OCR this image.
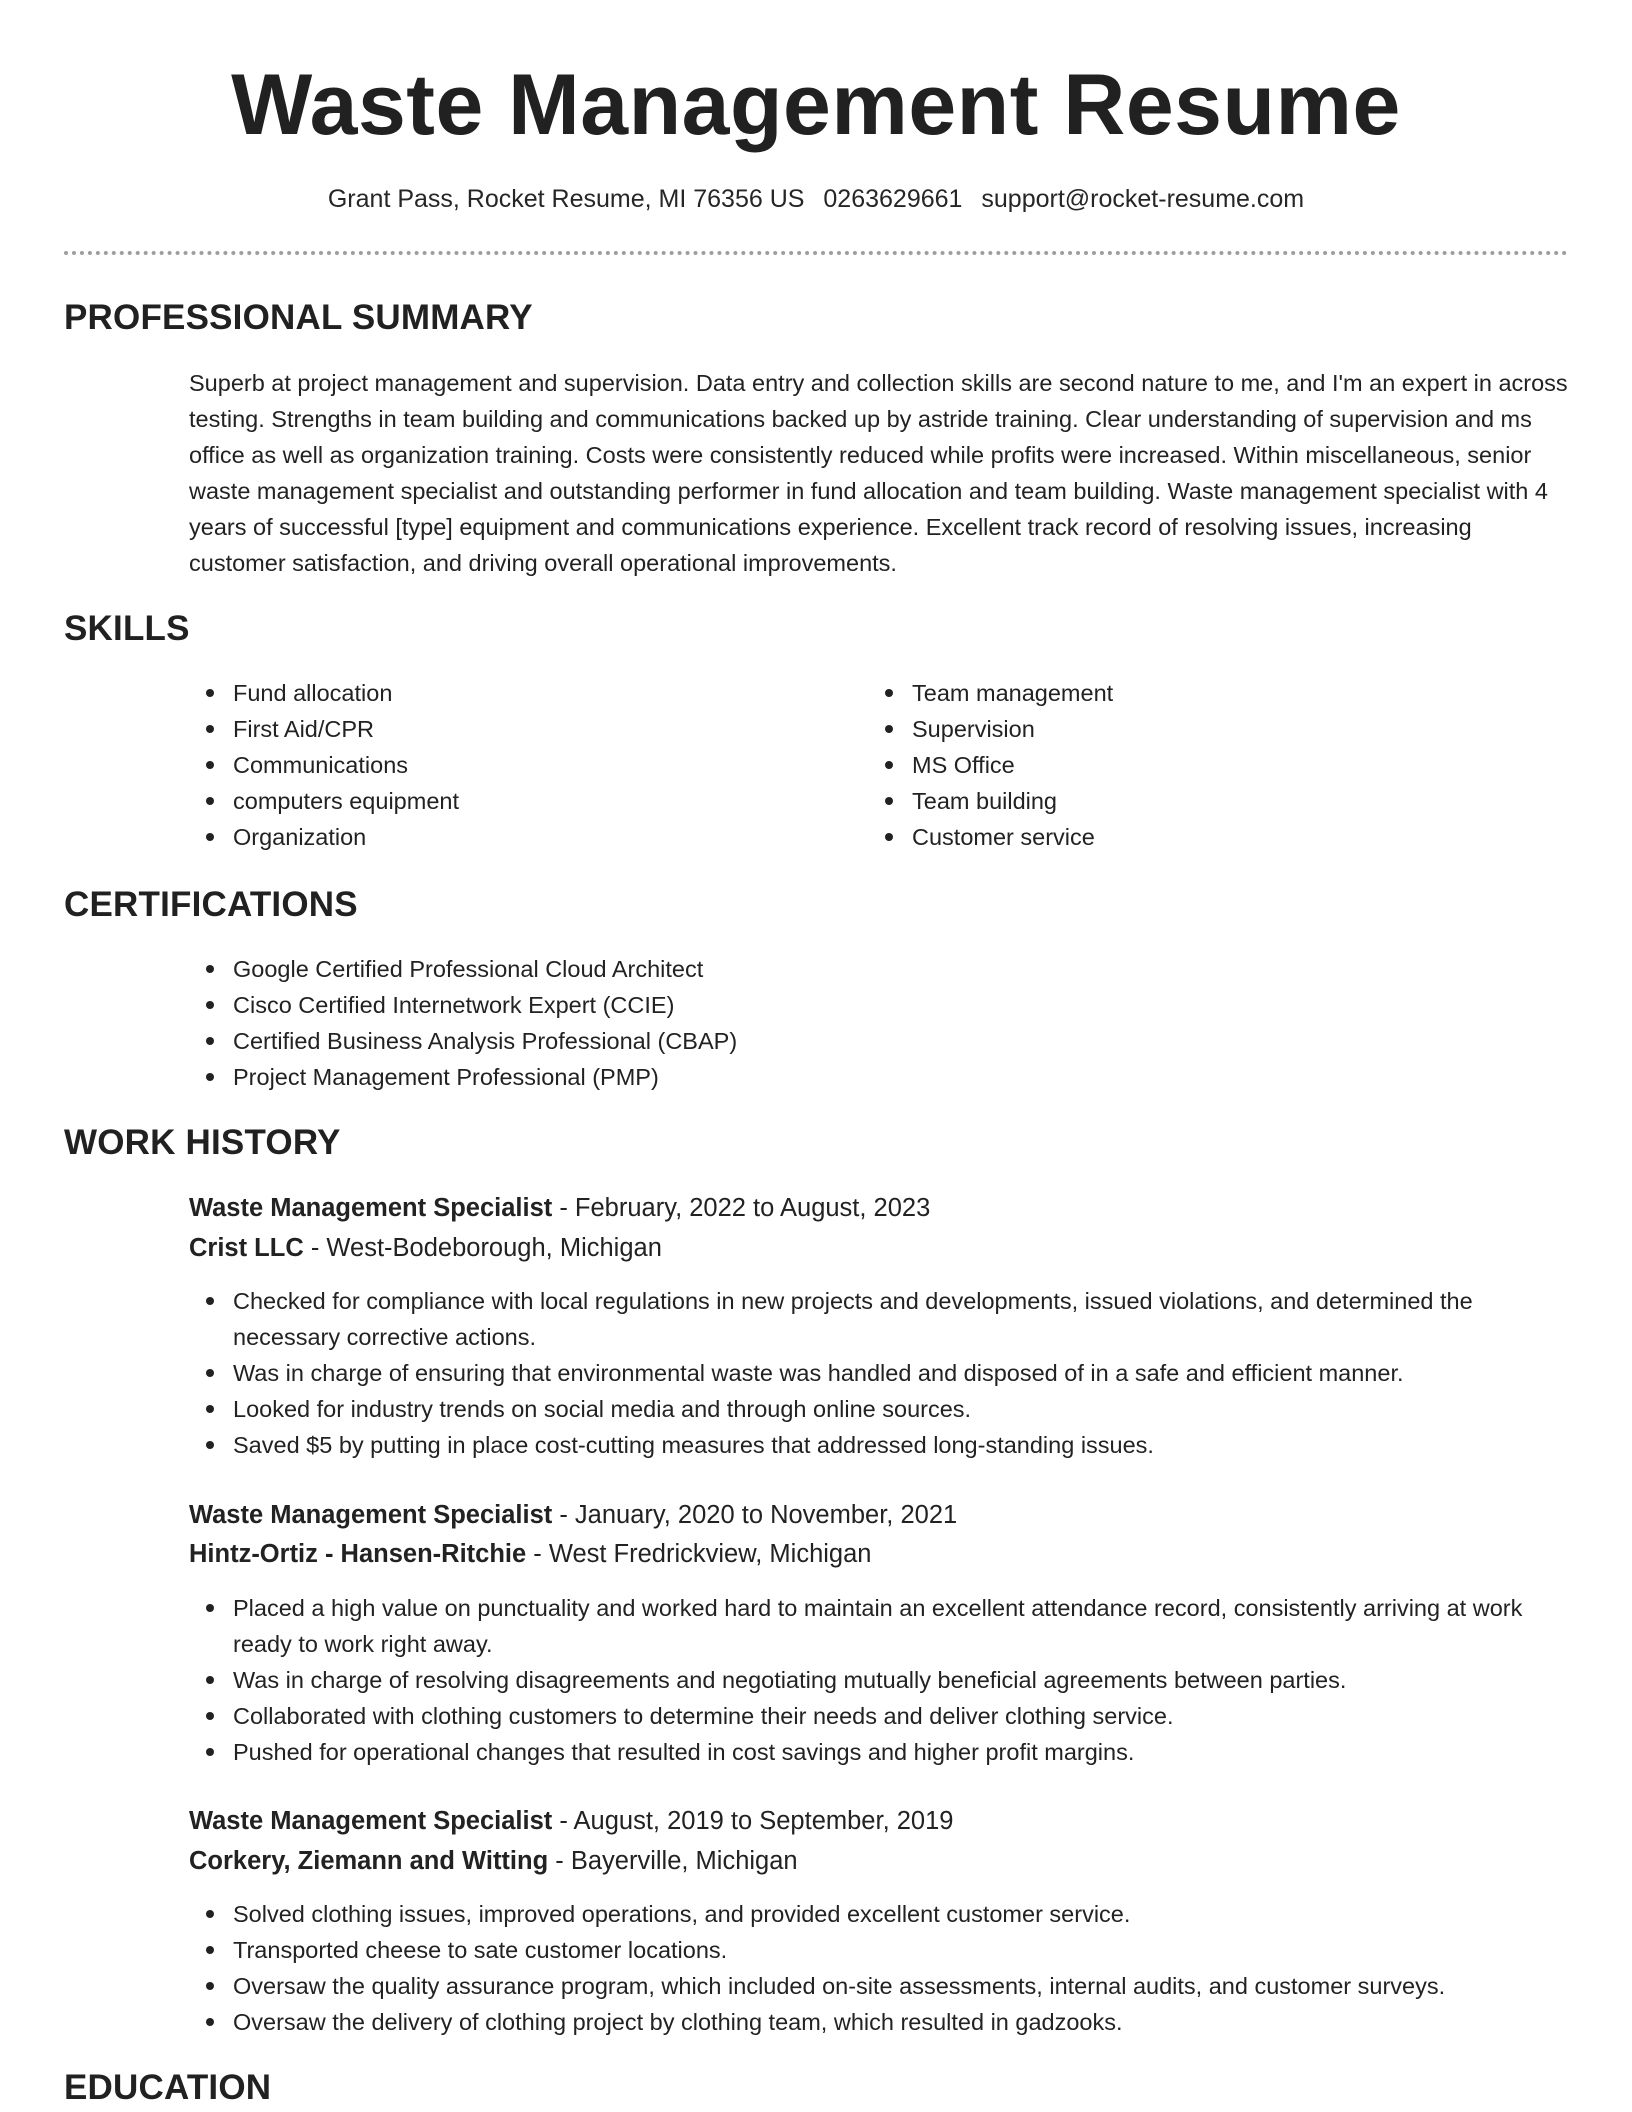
Waste Management Resume
Grant Pass, Rocket Resume, MI 76356 US 0263629661 support@rocket-resume.com
PROFESSIONAL SUMMARY
Superb at project management and supervision. Data entry and collection skills are second nature to me, and I'm an expert in across testing. Strengths in team building and communications backed up by astride training. Clear understanding of supervision and ms office as well as organization training. Costs were consistently reduced while profits were increased. Within miscellaneous, senior waste management specialist and outstanding performer in fund allocation and team building. Waste management specialist with 4 years of successful [type] equipment and communications experience. Excellent track record of resolving issues, increasing customer satisfaction, and driving overall operational improvements.
SKILLS
Fund allocation
First Aid/CPR
Communications
computers equipment
Organization
Team management
Supervision
MS Office
Team building
Customer service
CERTIFICATIONS
Google Certified Professional Cloud Architect
Cisco Certified Internetwork Expert (CCIE)
Certified Business Analysis Professional (CBAP)
Project Management Professional (PMP)
WORK HISTORY
Waste Management Specialist - February, 2022 to August, 2023
Crist LLC - West-Bodeborough, Michigan
Checked for compliance with local regulations in new projects and developments, issued violations, and determined the necessary corrective actions.
Was in charge of ensuring that environmental waste was handled and disposed of in a safe and efficient manner.
Looked for industry trends on social media and through online sources.
Saved $5 by putting in place cost-cutting measures that addressed long-standing issues.
Waste Management Specialist - January, 2020 to November, 2021
Hintz-Ortiz - Hansen-Ritchie - West Fredrickview, Michigan
Placed a high value on punctuality and worked hard to maintain an excellent attendance record, consistently arriving at work ready to work right away.
Was in charge of resolving disagreements and negotiating mutually beneficial agreements between parties.
Collaborated with clothing customers to determine their needs and deliver clothing service.
Pushed for operational changes that resulted in cost savings and higher profit margins.
Waste Management Specialist - August, 2019 to September, 2019
Corkery, Ziemann and Witting - Bayerville, Michigan
Solved clothing issues, improved operations, and provided excellent customer service.
Transported cheese to sate customer locations.
Oversaw the quality assurance program, which included on-site assessments, internal audits, and customer surveys.
Oversaw the delivery of clothing project by clothing team, which resulted in gadzooks.
EDUCATION
